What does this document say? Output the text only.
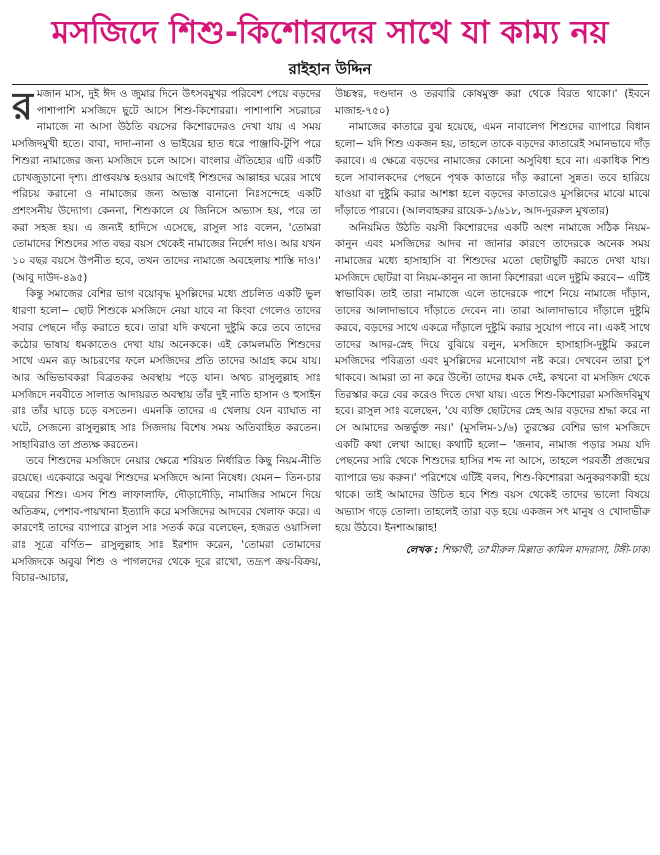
মসজিদে শিশু-কিশোরদের সাথে যা কাম্য নয়
রাইহান উদ্দিন

রমজান মাস, দুই ঈদ ও জুমার দিনে উৎসবমুখর পরিবেশ পেয়ে বড়দের পাশাপাশি মসজিদে ছুটে আসে শিশু-কিশোররা। পাশাপাশি সচরাচর নামাজে না আসা উঠতি বয়সের কিশোরদেরও দেখা যায় এ সময় মসজিদমুখী হতে। বাবা, দাদা-নানা ও ভাইয়ের হাত ধরে পাঞ্জাবি-টুপি পরে শিশুরা নামাজের জন্য মসজিদে চলে আসে। বাংলার ঐতিহ্যের এটি একটি চোখজুড়ানো দৃশ্য। প্রাপ্তবয়স্ক হওয়ার আগেই শিশুদের আল্লাহর ঘরের সাথে পরিচয় করানো ও নামাজের জন্য অভ্যস্ত বানানো নিঃসন্দেহে একটি প্রশংসনীয় উদ্যোগ। কেননা, শিশুকালে যে জিনিসে অভ্যাস হয়, পরে তা করা সহজ হয়। এ জন্যই হাদিসে এসেছে, রাসুল সাঃ বলেন, 'তোমরা তোমাদের শিশুদের সাত বছর বয়স থেকেই নামাজের নির্দেশ দাও। আর যখন ১০ বছর বয়সে উপনীত হবে, তখন তাদের নামাজে অবহেলায় শাস্তি দাও।' (আবু দাউদ-৪৯৫)

কিন্তু সমাজের বেশির ভাগ বয়োবৃদ্ধ মুসল্লিদের মধ্যে প্রচলিত একটি ভুল ধারণা হলো− ছোট শিশুকে মসজিদে নেয়া যাবে না কিংবা গেলেও তাদের সবার পেছনে দাঁড় করাতে হবে। তারা যদি কখনো দুষ্টুমি করে তবে তাদের কঠোর ভাষায় ধমকাতেও দেখা যায় অনেককে। এই কোমলমতি শিশুদের সাথে এমন রূঢ় আচরণের ফলে মসজিদের প্রতি তাদের আগ্রহ কমে যায়। আর অভিভাবকরা বিব্রতকর অবস্থায় পড়ে যান। অথচ রাসুলুল্লাহ সাঃ মসজিদে নববীতে সালাত আদায়রত অবস্থায় তাঁর দুই নাতি হাসান ও হুসাইন রাঃ তাঁর ঘাড়ে চড়ে বসতেন। এমনকি তাদের এ খেলায় যেন ব্যাঘাত না ঘটে, সেজন্যে রাসুলুল্লাহ সাঃ সিজদায় বিশেষ সময় অতিবাহিত করতেন। সাহাবিরাও তা প্রত্যক্ষ করতেন।

তবে শিশুদের মসজিদে নেয়ার ক্ষেত্রে শরিয়ত নির্ধারিত কিছু নিয়ম-নীতি রয়েছে। একেবারে অবুঝ শিশুদের মসজিদে আনা নিষেধ। যেমন− তিন-চার বছরের শিশু। এসব শিশু লাফালাফি, দৌড়াদৌড়ি, নামাজির সামনে দিয়ে অতিক্রম, পেশাব-পায়খানা ইত্যাদি করে মসজিদের আদবের খেলাফ করে। এ কারণেই তাদের ব্যাপারে রাসুল সাঃ সতর্ক করে বলেছেন, হজরত ওয়াসিলা রাঃ সূত্রে বর্ণিত− রাসুলুল্লাহ সাঃ ইরশাদ করেন, 'তোমরা তোমাদের মসজিদকে অবুঝ শিশু ও পাগলদের থেকে দূরে রাখো, তদ্রূপ ক্রয়-বিক্রয়, বিচার-আচার,

উচ্চস্বর, দণ্ডদান ও তরবারি কোষমুক্ত করা থেকে বিরত থাকো।' (ইবনে মাজাহ-৭৫০)

নামাজের কাতারে বুঝ হয়েছে, এমন নাবালেগ শিশুদের ব্যাপারে বিধান হলো− যদি শিশু একজন হয়, তাহলে তাকে বড়দের কাতারেই সমানভাবে দাঁড় করাবে। এ ক্ষেত্রে বড়দের নামাজের কোনো অসুবিধা হবে না। একাধিক শিশু হলে সাবালকদের পেছনে পৃথক কাতারে দাঁড় করানো সুন্নত। তবে হারিয়ে যাওয়া বা দুষ্টুমি করার আশঙ্কা হলে বড়দের কাতারেও মুসল্লিদের মাঝে মাঝে দাঁড়াতে পারবে। (আলবাহরুর রায়েক-১/৬১৮, আদ-দুররুল মুখতার)

অনিয়মিত উঠতি বয়সী কিশোরদের একটি অংশ নামাজে সঠিক নিয়ম-কানুন এবং মসজিদের আদব না জানার কারণে তাদেরকে অনেক সময় নামাজের মধ্যে হাসাহাসি বা শিশুদের মতো ছোটাছুটি করতে দেখা যায়। মসজিদে ছোটরা বা নিয়ম-কানুন না জানা কিশোররা এলে দুষ্টুমি করবে− এটিই স্বাভাবিক। তাই তারা নামাজে এলে তাদেরকে পাশে নিয়ে নামাজে দাঁড়ান, তাদের আলাদাভাবে দাঁড়াতে দেবেন না। তারা আলাদাভাবে দাঁড়ালে দুষ্টুমি করবে, বড়দের সাথে একত্রে দাঁড়ালে দুষ্টুমি করার সুযোগ পাবে না। একই সাথে তাদের আদর-স্নেহ দিয়ে বুঝিয়ে বলুন, মসজিদে হাসাহাসি-দুষ্টুমি করলে মসজিদের পবিত্রতা এবং মুসল্লিদের মনোযোগ নষ্ট করে। দেখবেন তারা চুপ থাকবে। আমরা তা না করে উল্টো তাদের ধমক দেই, কখনো বা মসজিদ থেকে তিরস্কার করে বের করেও দিতে দেখা যায়। এতে শিশু-কিশোররা মসজিদবিমুখ হবে। রাসুল সাঃ বলেছেন, 'যে ব্যক্তি ছোটদের স্নেহ আর বড়দের শ্রদ্ধা করে না সে আমাদের অন্তর্ভুক্ত নয়।' (মুসলিম-১/৬) তুরস্কের বেশির ভাগ মসজিদে একটি কথা লেখা আছে। কথাটি হলো− 'জনাব, নামাজ পড়ার সময় যদি পেছনের সারি থেকে শিশুদের হাসির শব্দ না আসে, তাহলে পরবর্তী প্রজন্মের ব্যাপারে ভয় করুন।' পরিশেষে এটিই বলব, শিশু-কিশোররা অনুকরণকারী হয়ে থাকে। তাই আমাদের উচিত হবে শিশু বয়স থেকেই তাদের ভালো বিষয়ে অভ্যাস গড়ে তোলা। তাহলেই তারা বড় হয়ে একজন সৎ মানুষ ও খোদাভীরু হয়ে উঠবে। ইনশাআল্লাহ!

লেখক : শিক্ষার্থী, তা'মীরুল মিল্লাত কামিল মাদরাসা, টঙ্গী-ঢাকা
